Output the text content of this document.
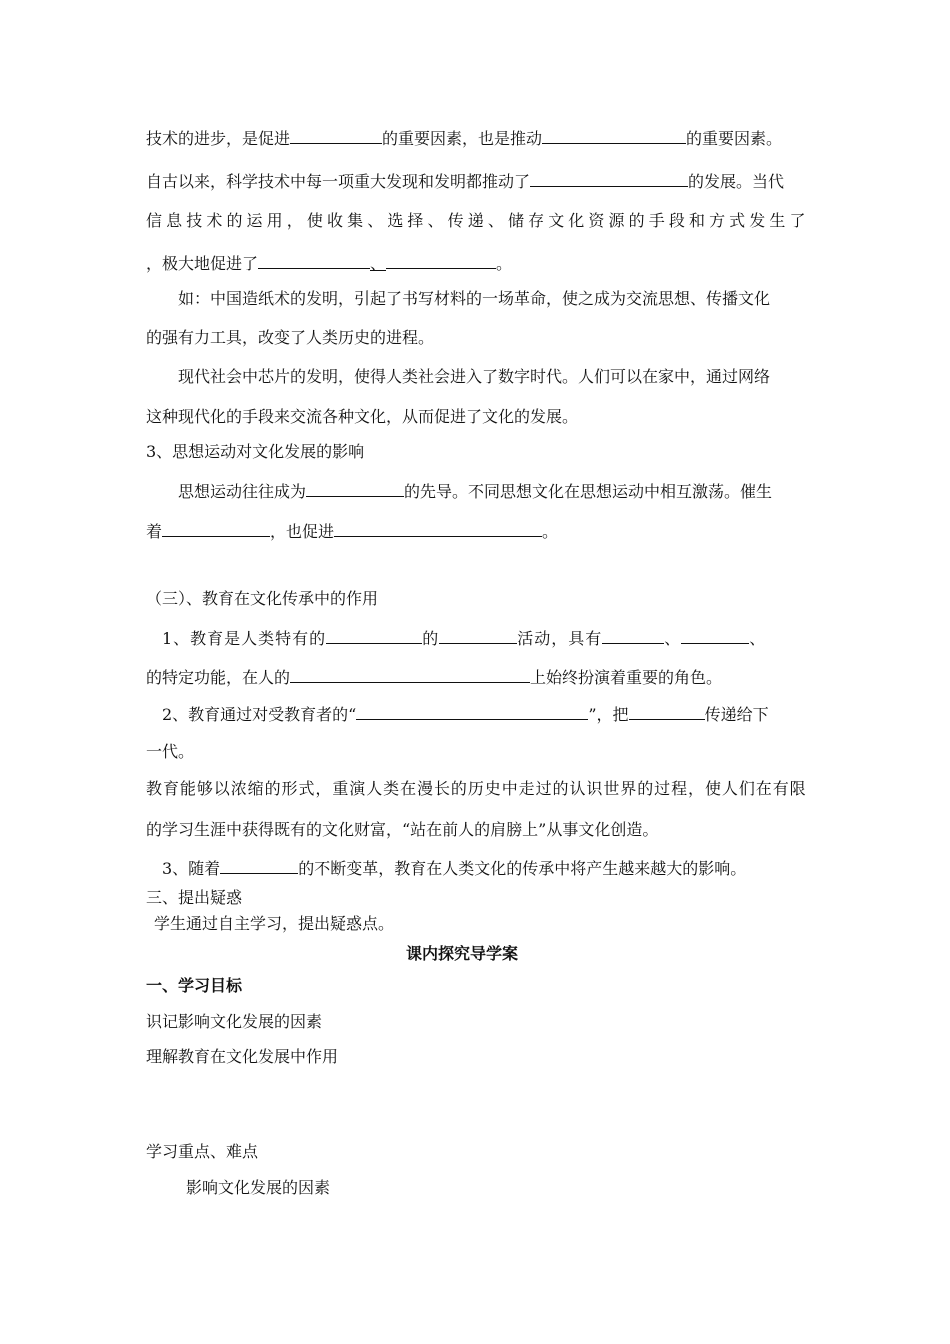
技术的进步，是促进	的重要因素，也是推动	的重要因素。
自古以来，科学技术中每一项重大发现和发明都推动了	的发展。当代
信 息 技 术 的 运 用 ， 使 收 集 、 选 择 、 传 递 、 储 存 文 化 资 源 的 手 段 和 方 式 发 生 了
，极大地促进了	、	。
如：中国造纸术的发明，引起了书写材料的一场革命，使之成为交流思想、传播文化
的强有力工具，改变了人类历史的进程。
现代社会中芯片的发明，使得人类社会进入了数字时代。人们可以在家中，通过网络
这种现代化的手段来交流各种文化，从而促进了文化的发展。
3、思想运动对文化发展的影响
思想运动往往成为	的先导。不同思想文化在思想运动中相互激荡。催生
着	，也促进	。
（三）、教育在文化传承中的作用
1、教育是人类特有的	的	活动，具有	、	、
的特定功能，在人的	上始终扮演着重要的角色。
2、教育通过对受教育者的“	”，把	传递给下
一代。
教 育 能 够 以 浓 缩 的 形 式 ， 重 演 人 类 在 漫 长 的 历 史 中 走 过 的 认 识 世 界 的 过 程 ， 使 人 们 在 有 限
的学习生涯中获得既有的文化财富，“站在前人的肩膀上”从事文化创造。
3、随着	的不断变革，教育在人类文化的传承中将产生越来越大的影响。
三、提出疑惑
学生通过自主学习，提出疑惑点。
课内探究导学案
一、学习目标
识记影响文化发展的因素
理解教育在文化发展中作用
学习重点、难点
影响文化发展的因素
